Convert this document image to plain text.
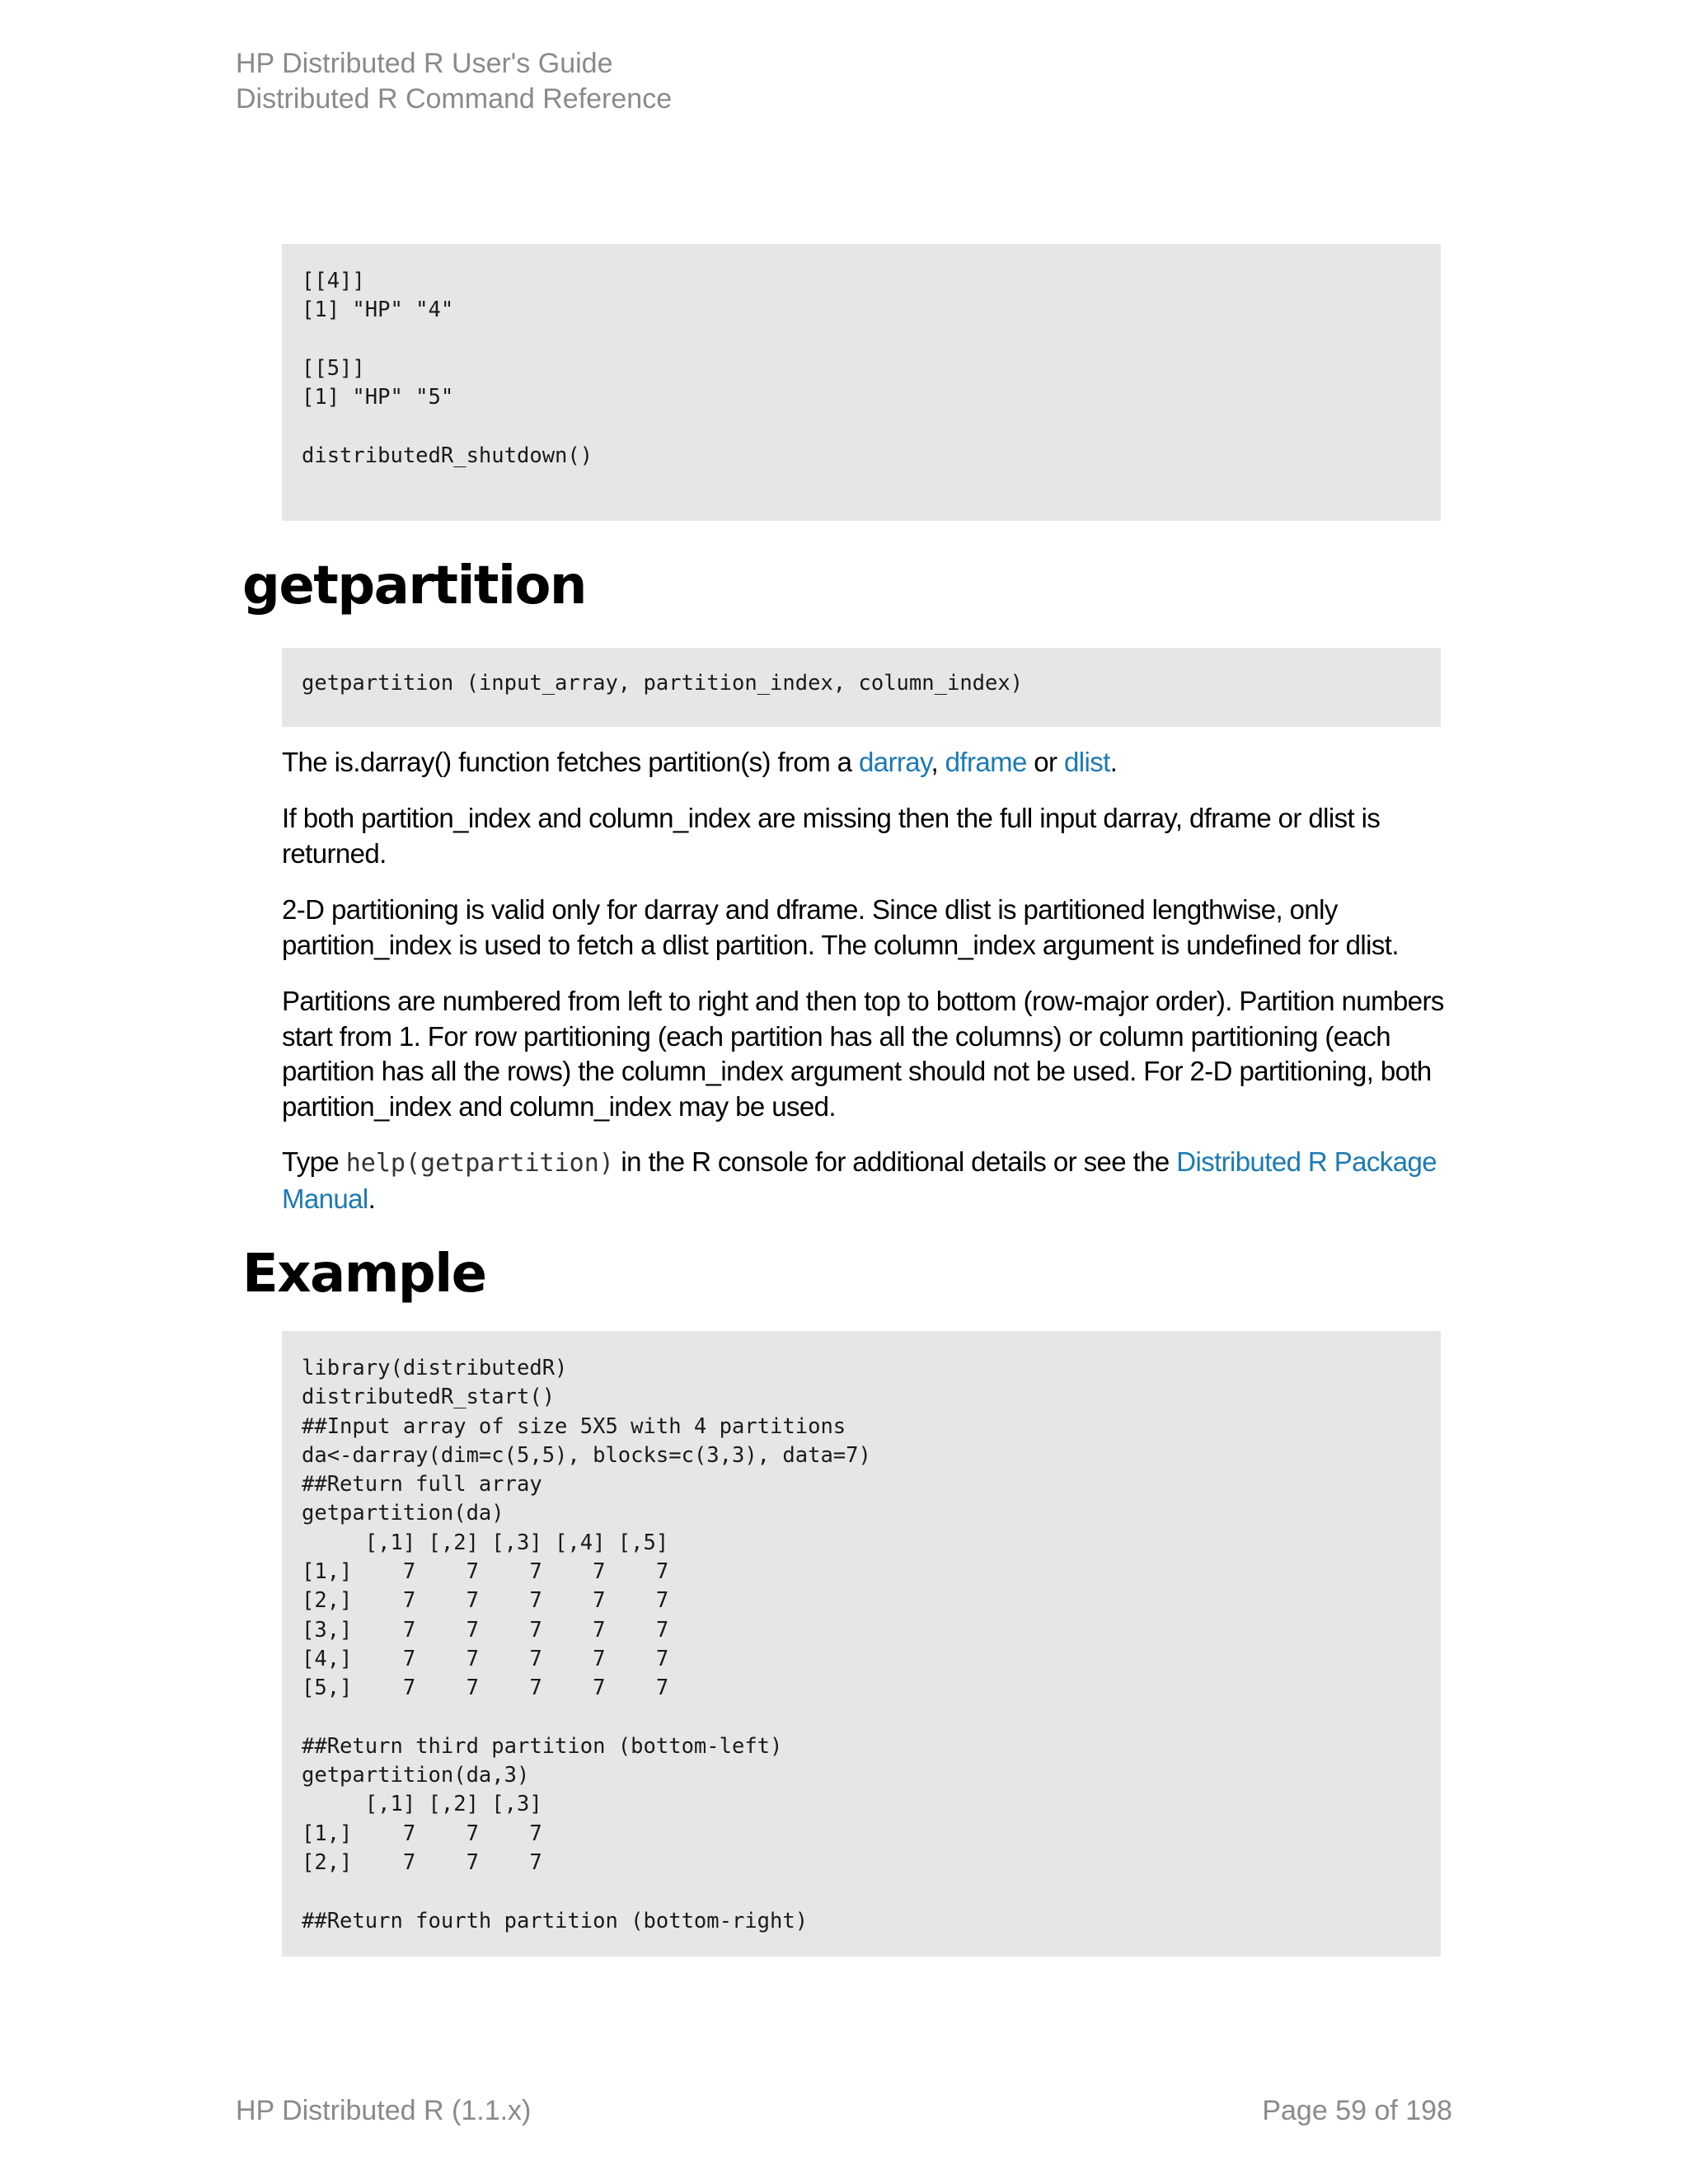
HP Distributed R User's Guide
Distributed R Command Reference
[[4]]
[1] "HP" "4"

[[5]]
[1] "HP" "5"

distributedR_shutdown()
getpartition
getpartition (input_array, partition_index, column_index)

The is.darray() function fetches partition(s) from a darray, dframe or dlist.

If both partition_index and column_index are missing then the full input darray, dframe or dlist is returned.

2-D partitioning is valid only for darray and dframe. Since dlist is partitioned lengthwise, only partition_index is used to fetch a dlist partition. The column_index argument is undefined for dlist.

Partitions are numbered from left to right and then top to bottom (row-major order). Partition numbers start from 1. For row partitioning (each partition has all the columns) or column partitioning (each partition has all the rows) the column_index argument should not be used. For 2-D partitioning, both partition_index and column_index may be used.

Type help(getpartition) in the R console for additional details or see the Distributed R Package Manual.

Example
library(distributedR)
distributedR_start()
##Input array of size 5X5 with 4 partitions
da<-darray(dim=c(5,5), blocks=c(3,3), data=7)
##Return full array
getpartition(da)
[,1] [,2] [,3] [,4] [,5]
[1,]    7    7    7    7    7
[2,]    7    7    7    7    7
[3,]    7    7    7    7    7
[4,]    7    7    7    7    7
[5,]    7    7    7    7    7

##Return third partition (bottom-left)
getpartition(da,3)
[,1] [,2] [,3]
[1,]    7    7    7
[2,]    7    7    7

##Return fourth partition (bottom-right)
HP Distributed R (1.1.x)	Page 59 of 198
